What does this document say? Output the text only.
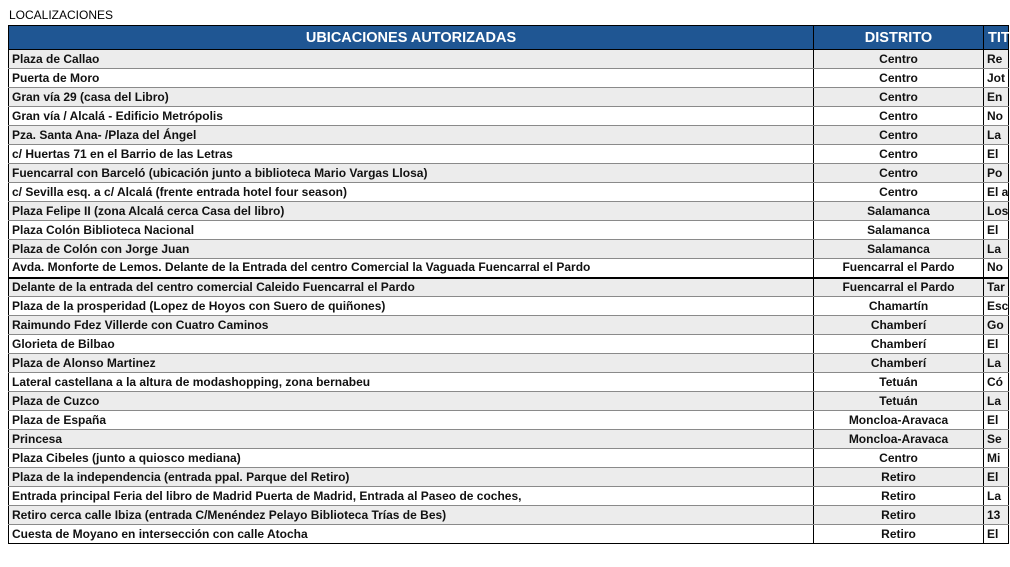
LOCALIZACIONES
UBICACIONES AUTORIZADAS	DISTRITO	TIT
Plaza de Callao	Centro	Re
Puerta de Moro	Centro	Jot
Gran vía 29 (casa del Libro)	Centro	En
Gran vía / Alcalá - Edificio Metrópolis	Centro	No
Pza. Santa Ana- /Plaza del Ángel	Centro	La
c/ Huertas 71 en el Barrio de las Letras	Centro	El
Fuencarral con Barceló (ubicación junto a biblioteca Mario Vargas Llosa)	Centro	Po
c/ Sevilla esq. a c/ Alcalá (frente entrada hotel four season)	Centro	El a
Plaza Felipe II (zona Alcalá cerca Casa del libro)	Salamanca	Los
Plaza Colón Biblioteca Nacional	Salamanca	El
Plaza de Colón con Jorge Juan	Salamanca	La
Avda. Monforte de Lemos. Delante de la Entrada del centro Comercial la Vaguada Fuencarral el Pardo	Fuencarral el Pardo	No
Delante de la entrada del centro comercial Caleido Fuencarral el Pardo	Fuencarral el Pardo	Tar
Plaza de la prosperidad (Lopez de Hoyos con Suero de quiñones)	Chamartín	Esc
Raimundo Fdez Villerde con Cuatro Caminos	Chamberí	Go
Glorieta de Bilbao	Chamberí	El
Plaza de Alonso Martinez	Chamberí	La
Lateral castellana a la altura de modashopping, zona bernabeu	Tetuán	Có
Plaza de Cuzco	Tetuán	La
Plaza de España	Moncloa-Aravaca	El
Princesa	Moncloa-Aravaca	Se
Plaza Cibeles (junto a quiosco mediana)	Centro	Mi
Plaza de la independencia (entrada ppal. Parque del Retiro)	Retiro	El
Entrada principal Feria del libro de Madrid Puerta de Madrid, Entrada al Paseo de coches,	Retiro	La
Retiro cerca calle Ibiza (entrada C/Menéndez Pelayo Biblioteca Trías de Bes)	Retiro	13
Cuesta de Moyano en intersección con calle Atocha	Retiro	El
